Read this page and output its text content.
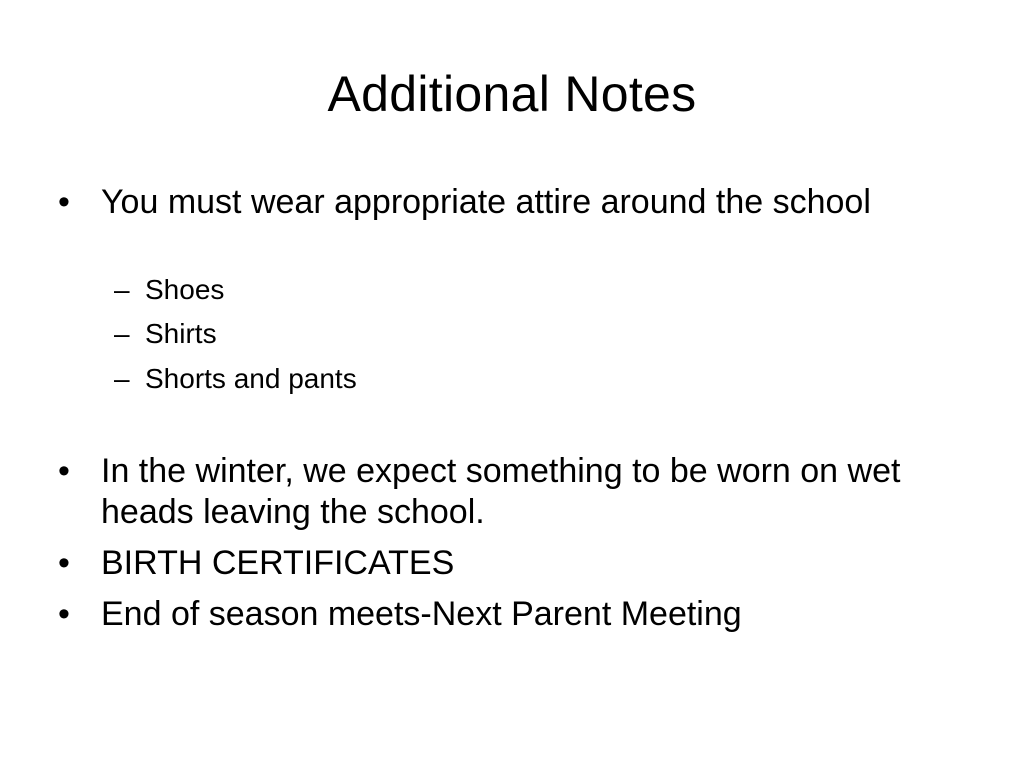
Additional Notes
• You must wear appropriate attire around the school
– Shoes
– Shirts
– Shorts and pants
• In the winter, we expect something to be worn on wet heads leaving the school.
• BIRTH CERTIFICATES
• End of season meets-Next Parent Meeting
